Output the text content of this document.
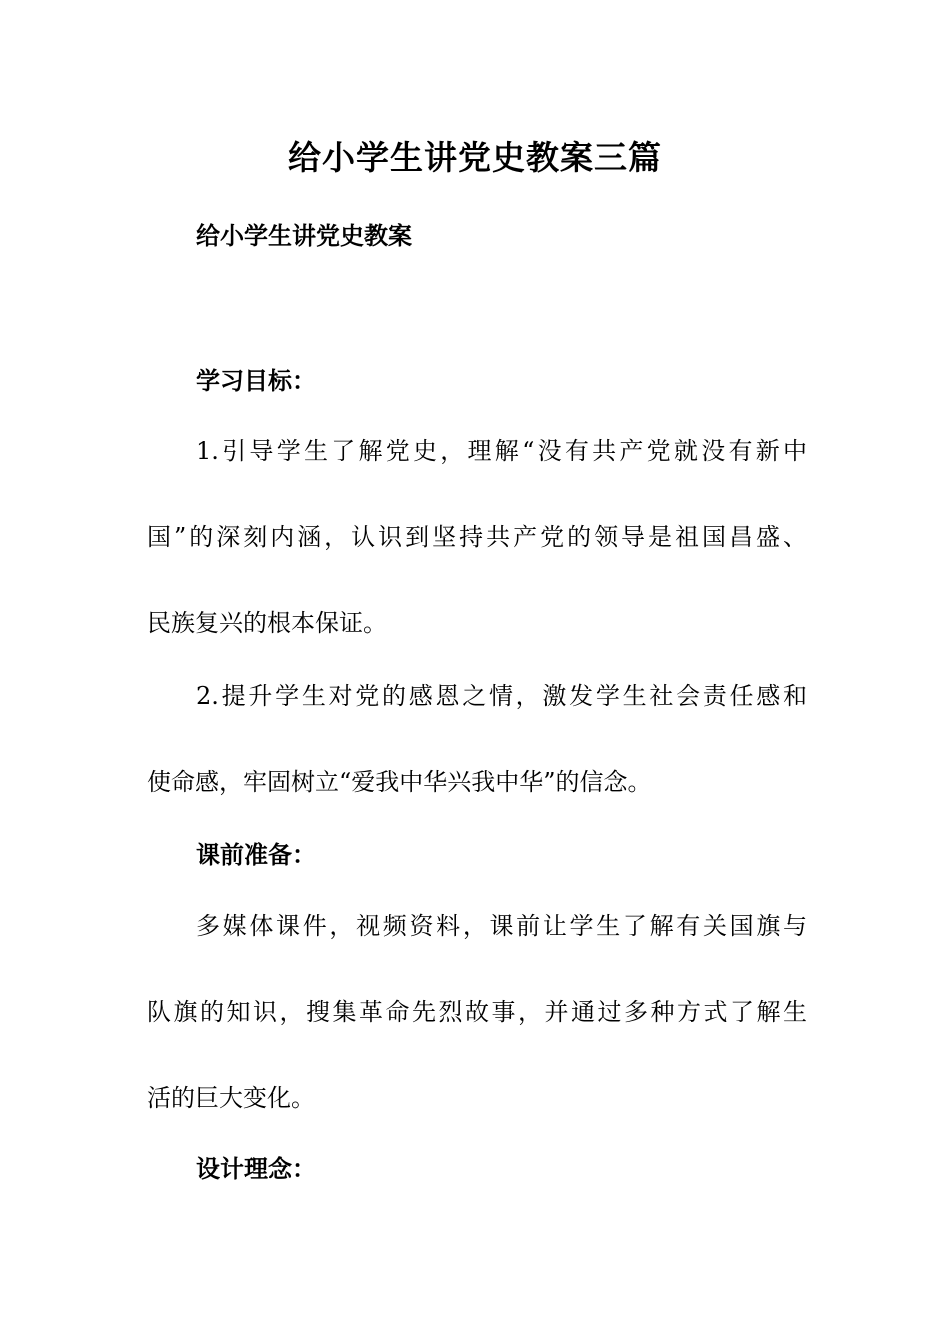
给小学生讲党史教案三篇
给小学生讲党史教案
学习目标：
1.引导学生了解党史，理解“没有共产党就没有新中
国”的深刻内涵，认识到坚持共产党的领导是祖国昌盛、
民族复兴的根本保证。
2.提升学生对党的感恩之情，激发学生社会责任感和
使命感，牢固树立“爱我中华兴我中华”的信念。
课前准备：
多媒体课件，视频资料，课前让学生了解有关国旗与
队旗的知识，搜集革命先烈故事，并通过多种方式了解生
活的巨大变化。
设计理念：
